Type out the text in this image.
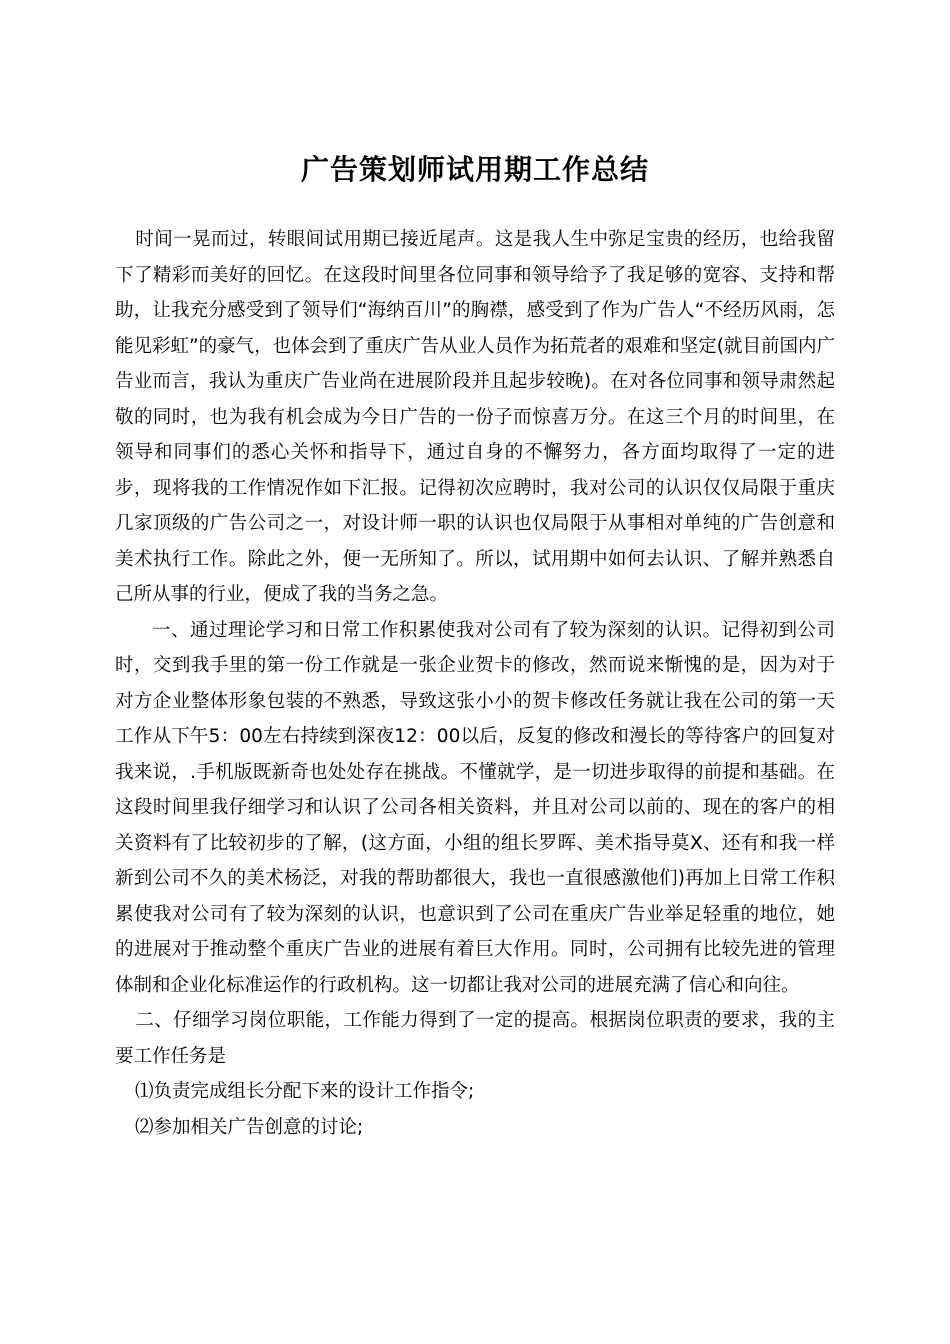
广告策划师试用期工作总结

时间一晃而过，转眼间试用期已接近尾声。这是我人生中弥足宝贵的经历，也给我留下了精彩而美好的回忆。在这段时间里各位同事和领导给予了我足够的宽容、支持和帮助，让我充分感受到了领导们“海纳百川”的胸襟，感受到了作为广告人“不经历风雨，怎能见彩虹”的豪气，也体会到了重庆广告从业人员作为拓荒者的艰难和坚定(就目前国内广告业而言，我认为重庆广告业尚在进展阶段并且起步较晚)。在对各位同事和领导肃然起敬的同时，也为我有机会成为今日广告的一份子而惊喜万分。在这三个月的时间里，在领导和同事们的悉心关怀和指导下，通过自身的不懈努力，各方面均取得了一定的进步，现将我的工作情况作如下汇报。记得初次应聘时，我对公司的认识仅仅局限于重庆几家顶级的广告公司之一，对设计师一职的认识也仅局限于从事相对单纯的广告创意和美术执行工作。除此之外，便一无所知了。所以，试用期中如何去认识、了解并熟悉自己所从事的行业，便成了我的当务之急。

一、通过理论学习和日常工作积累使我对公司有了较为深刻的认识。记得初到公司时，交到我手里的第一份工作就是一张企业贺卡的修改，然而说来惭愧的是，因为对于对方企业整体形象包装的不熟悉，导致这张小小的贺卡修改任务就让我在公司的第一天工作从下午5：00左右持续到深夜12：00以后，反复的修改和漫长的等待客户的回复对我来说，.手机版既新奇也处处存在挑战。不懂就学，是一切进步取得的前提和基础。在这段时间里我仔细学习和认识了公司各相关资料，并且对公司以前的、现在的客户的相关资料有了比较初步的了解，(这方面，小组的组长罗晖、美术指导莫X、还有和我一样新到公司不久的美术杨泛，对我的帮助都很大，我也一直很感激他们)再加上日常工作积累使我对公司有了较为深刻的认识，也意识到了公司在重庆广告业举足轻重的地位，她的进展对于推动整个重庆广告业的进展有着巨大作用。同时，公司拥有比较先进的管理体制和企业化标准运作的行政机构。这一切都让我对公司的进展充满了信心和向往。

二、仔细学习岗位职能，工作能力得到了一定的提高。根据岗位职责的要求，我的主要工作任务是

⑴负责完成组长分配下来的设计工作指令;

⑵参加相关广告创意的讨论;
